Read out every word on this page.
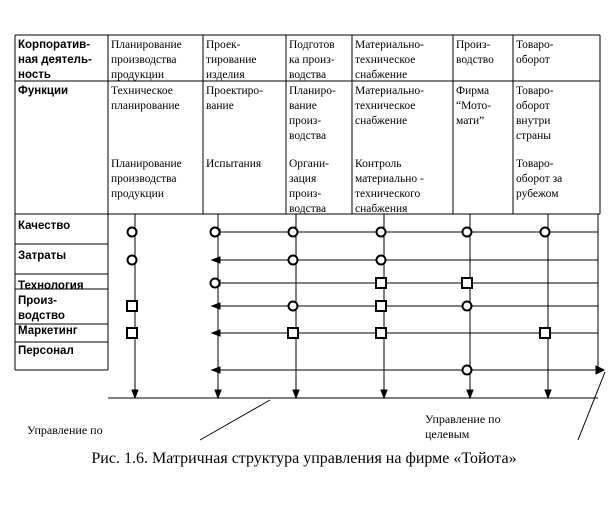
Корпоратив-
ная деятель-
ность
Планирование
производства
продукции
Проек-
тирование
изделия
Подготов
ка произ-
водства
Материально-
техническое
снабжение
Произ-
водство
Товаро-
оборот
Функции	Техническое
планирование
Проектиро-
вание
Планиро-
вание
произ-
водства
Материально-
техническое
снабжение
Фирма
“Мото-
мати”
Товаро-
оборот
внутри
страны
Планирование
производства
продукции
Испытания Органи-
зация
произ-
водства
Контроль
материально -
технического
снабжения
Товаро-
оборот за
рубежом
Качество
Затраты
Технология
Произ-
водство
Маркетинг
Персонал
Управление по
Управление по
целевым
Рис. 1.6. Матричная структура управления на фирме «Тойота»
